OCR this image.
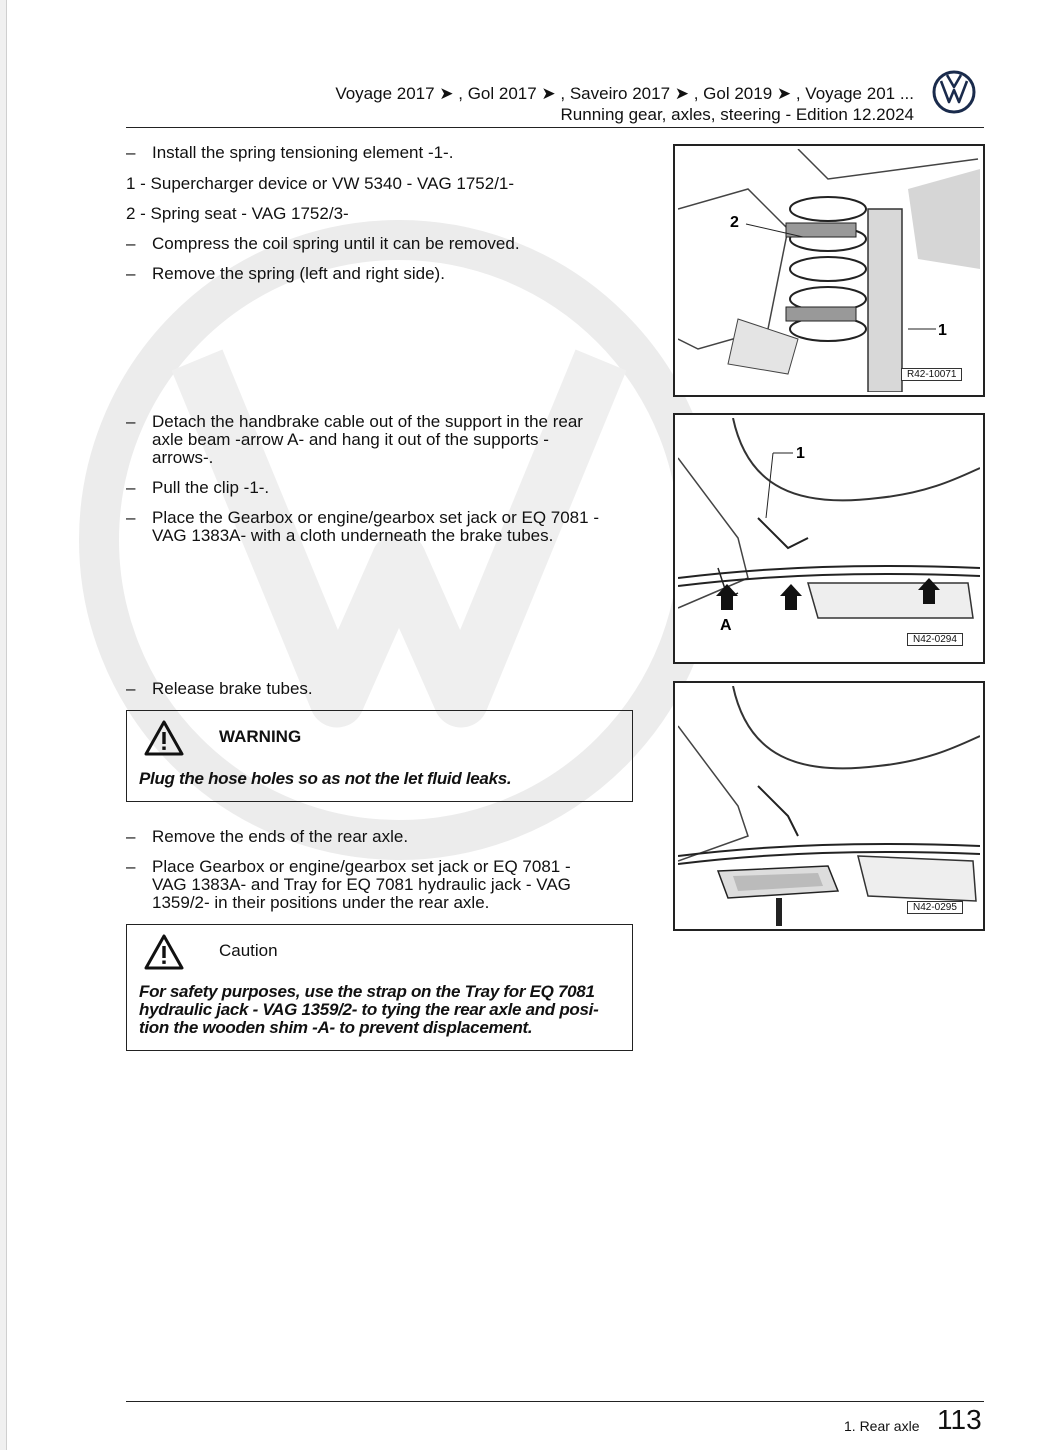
Voyage 2017 ➤ , Gol 2017 ➤ , Saveiro 2017 ➤ , Gol 2019 ➤ , Voyage 201 ...
Running gear, axles, steering - Edition 12.2024
– Install the spring tensioning element -1-.
1 - Supercharger device or VW 5340 - VAG 1752/1-
2 - Spring seat - VAG 1752/3-
– Compress the coil spring until it can be removed.
– Remove the spring (left and right side).
– Detach the handbrake cable out of the support in the rear axle beam -arrow A- and hang it out of the supports -arrows-.
– Pull the clip -1-.
– Place the Gearbox or engine/gearbox set jack or EQ 7081 - VAG 1383A- with a cloth underneath the brake tubes.
– Release brake tubes.
WARNING
Plug the hose holes so as not the let fluid leaks.
– Remove the ends of the rear axle.
– Place Gearbox or engine/gearbox set jack or EQ 7081 - VAG 1383A- and Tray for EQ 7081 hydraulic jack - VAG 1359/2- in their positions under the rear axle.
Caution
For safety purposes, use the strap on the Tray for EQ 7081 hydraulic jack - VAG 1359/2- to tying the rear axle and posi- tion the wooden shim -A- to prevent displacement.
2
1
R42-10071
1
A
N42-0294
N42-0295
1. Rear axle 113
